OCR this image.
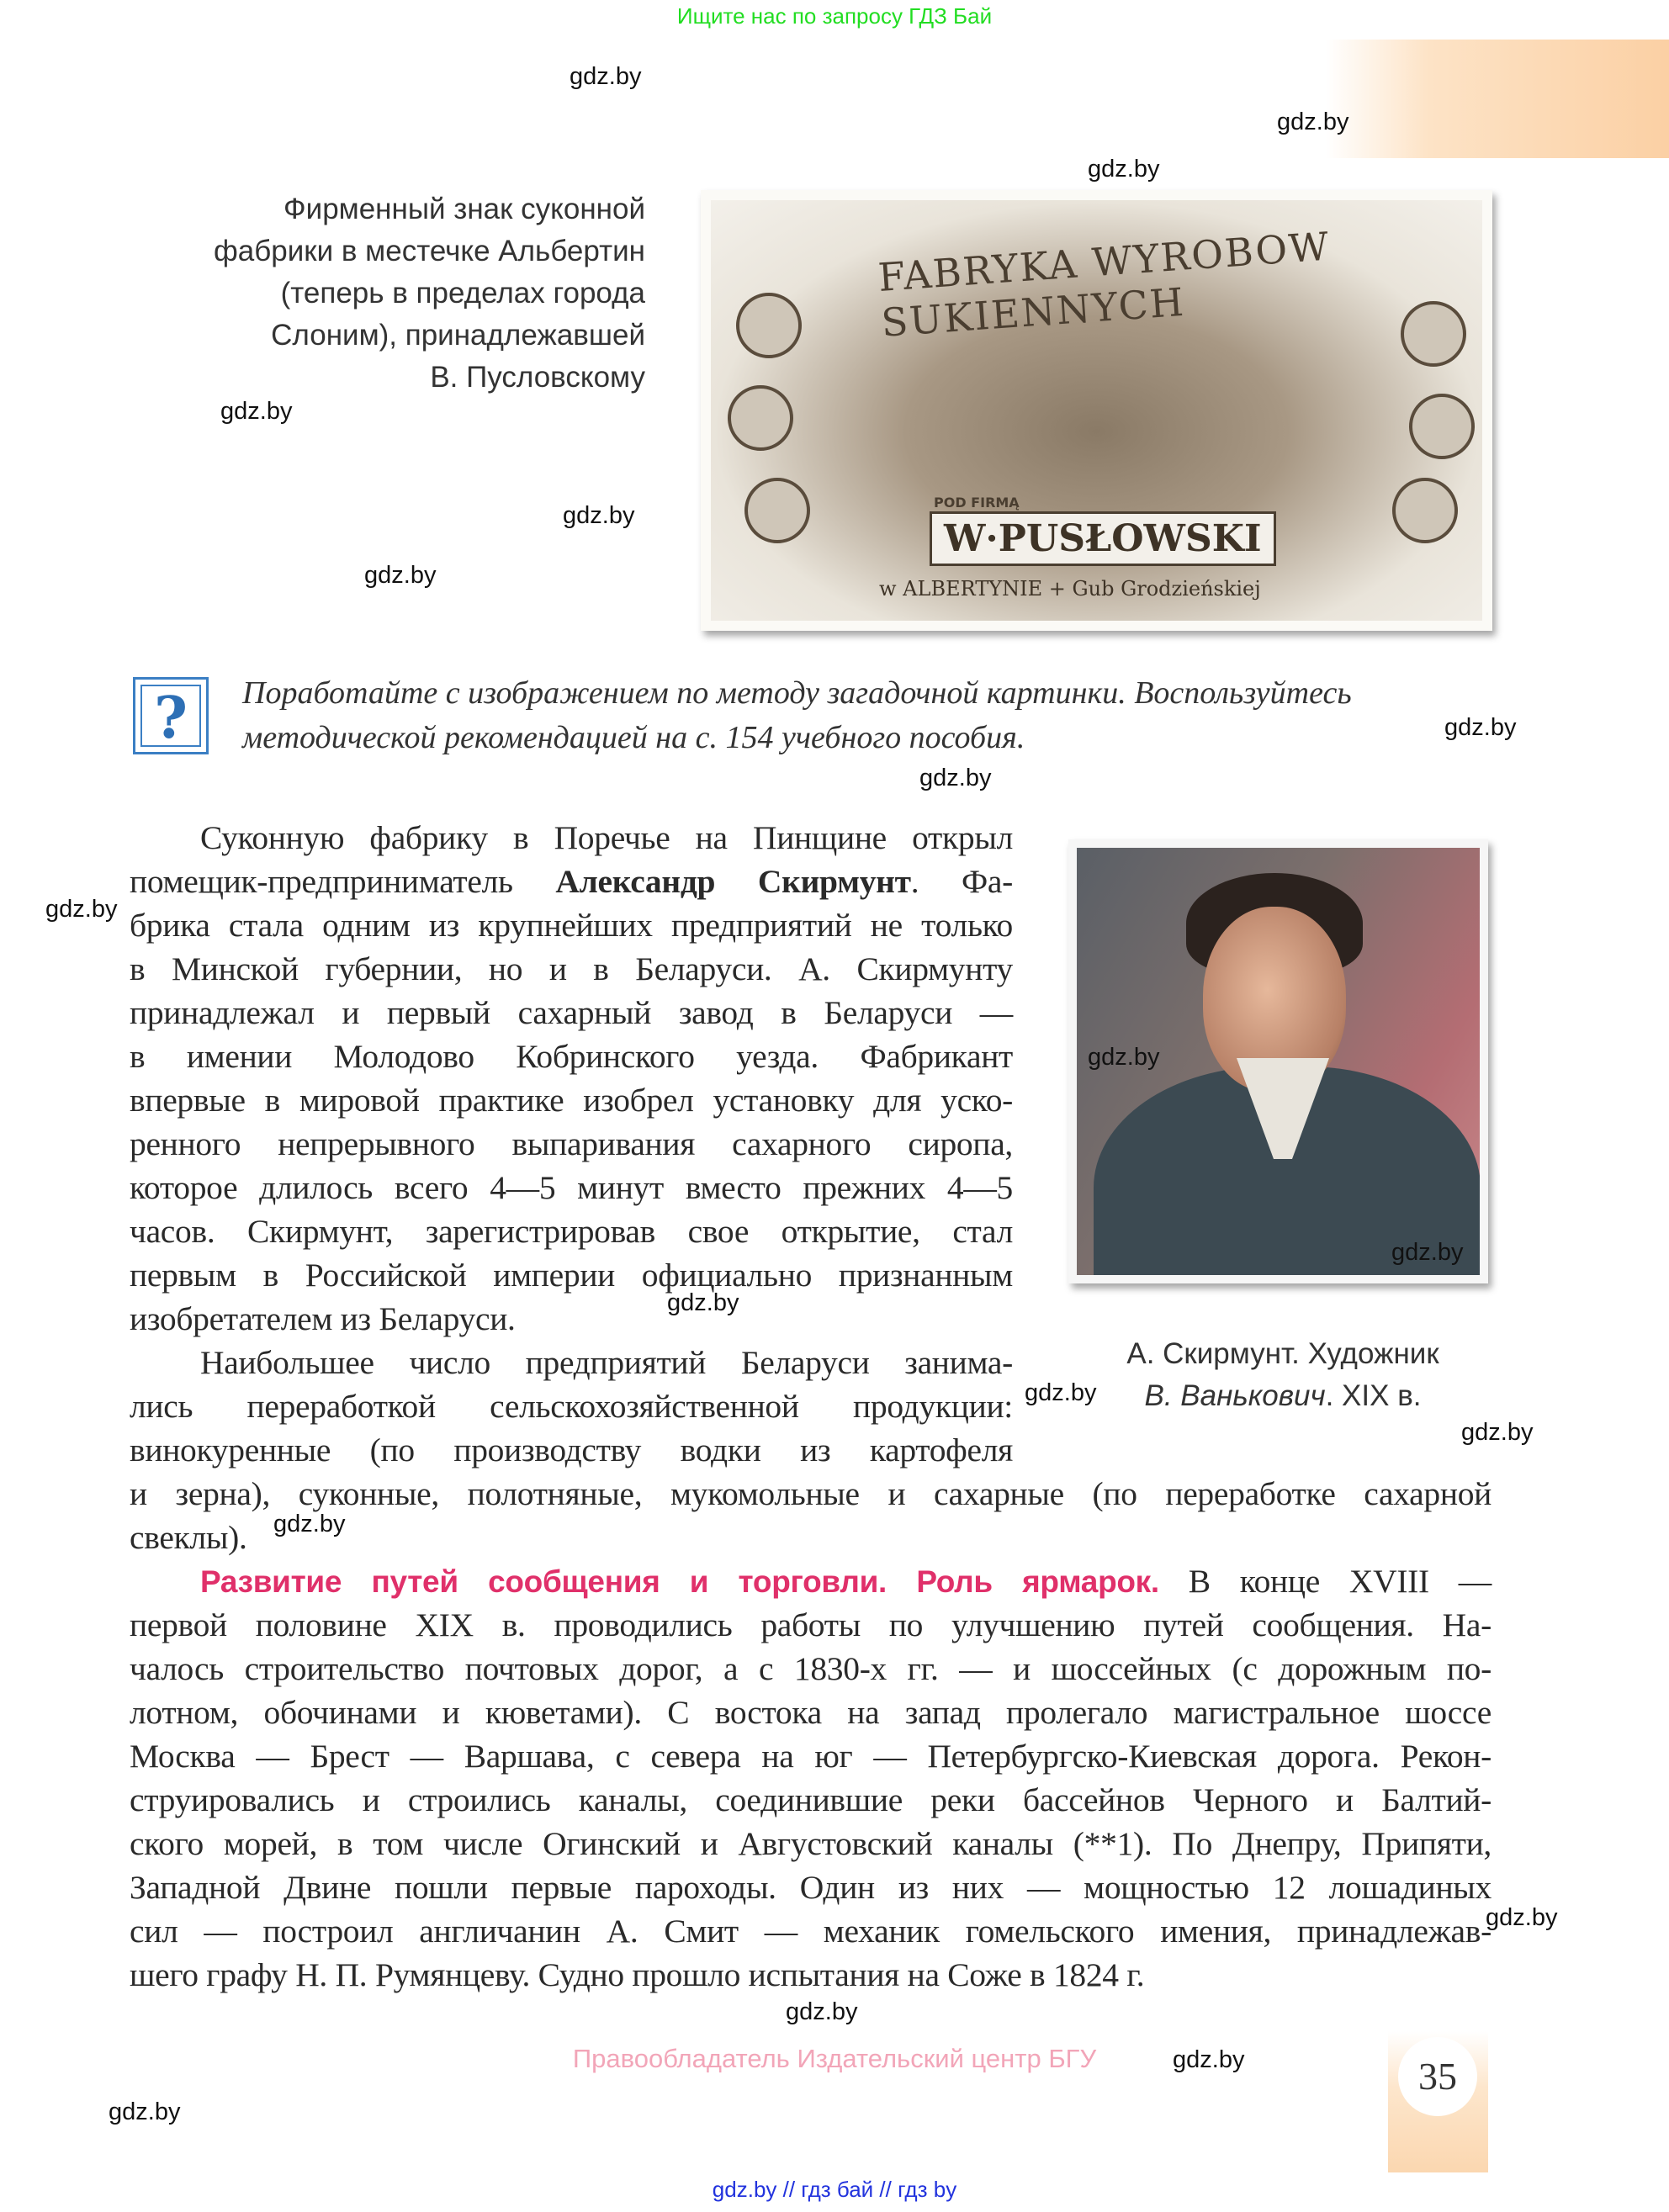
Ищите нас по запросу ГДЗ Бай
Фирменный знак суконной
фабрики в местечке Альбертин
(теперь в пределах города
Слоним), принадлежавшей
В. Пусловскому
FABRYKA WYROBOW SUKIENNYCH
POD FIRMĄ
W·PUSŁOWSKI
w ALBERTYNIE + Gub Grodzieńskiej
?	Поработайте с изображением по методу загадочной картинки. Воспользуйтесь
методической рекомендацией на с. 154 учебного пособия.
А. Скирмунт. Художник
В. Ванькович. XIX в.
Суконную фабрику в Поречье на Пинщине открыл
помещик-предприниматель Александр Скирмунт. Фа-
брика стала одним из крупнейших предприятий не только
в Минской губернии, но и в Беларуси. А. Скирмунту
принадлежал и первый сахарный завод в Беларуси —
в имении Молодово Кобринского уезда. Фабрикант
впервые в мировой практике изобрел установку для уско-
ренного непрерывного выпаривания сахарного сиропа,
которое длилось всего 4—5 минут вместо прежних 4—5
часов. Скирмунт, зарегистрировав свое открытие, стал
первым в Российской империи официально признанным
изобретателем из Беларуси.
Наибольшее число предприятий Беларуси занима-
лись переработкой сельскохозяйственной продукции:
винокуренные (по производству водки из картофеля
и зерна), суконные, полотняные, мукомольные и сахарные (по переработке сахарной
свеклы).
Развитие путей сообщения и торговли. Роль ярмарок. В конце XVIII —
первой половине XIX в. проводились работы по улучшению путей сообщения. На-
чалось строительство почтовых дорог, а с 1830-х гг. — и шоссейных (с дорожным по-
лотном, обочинами и кюветами). С востока на запад пролегало магистральное шоссе
Москва — Брест — Варшава, с севера на юг — Петербургско-Киевская дорога. Рекон-
струировались и строились каналы, соединившие реки бассейнов Черного и Балтий-
ского морей, в том числе Огинский и Августовский каналы (**1). По Днепру, Припяти,
Западной Двине пошли первые пароходы. Один из них — мощностью 12 лошадиных
сил — построил англичанин А. Смит — механик гомельского имения, принадлежав-
шего графу Н. П. Румянцеву. Судно прошло испытания на Соже в 1824 г.
gdz.by
gdz.by
gdz.by
gdz.by
gdz.by
gdz.by
gdz.by
gdz.by
gdz.by
gdz.by
gdz.by
gdz.by
gdz.by
gdz.by
gdz.by
gdz.by
gdz.by
gdz.by
gdz.by
Правообладатель Издательский центр БГУ	35
gdz.by // гдз бай // гдз by
